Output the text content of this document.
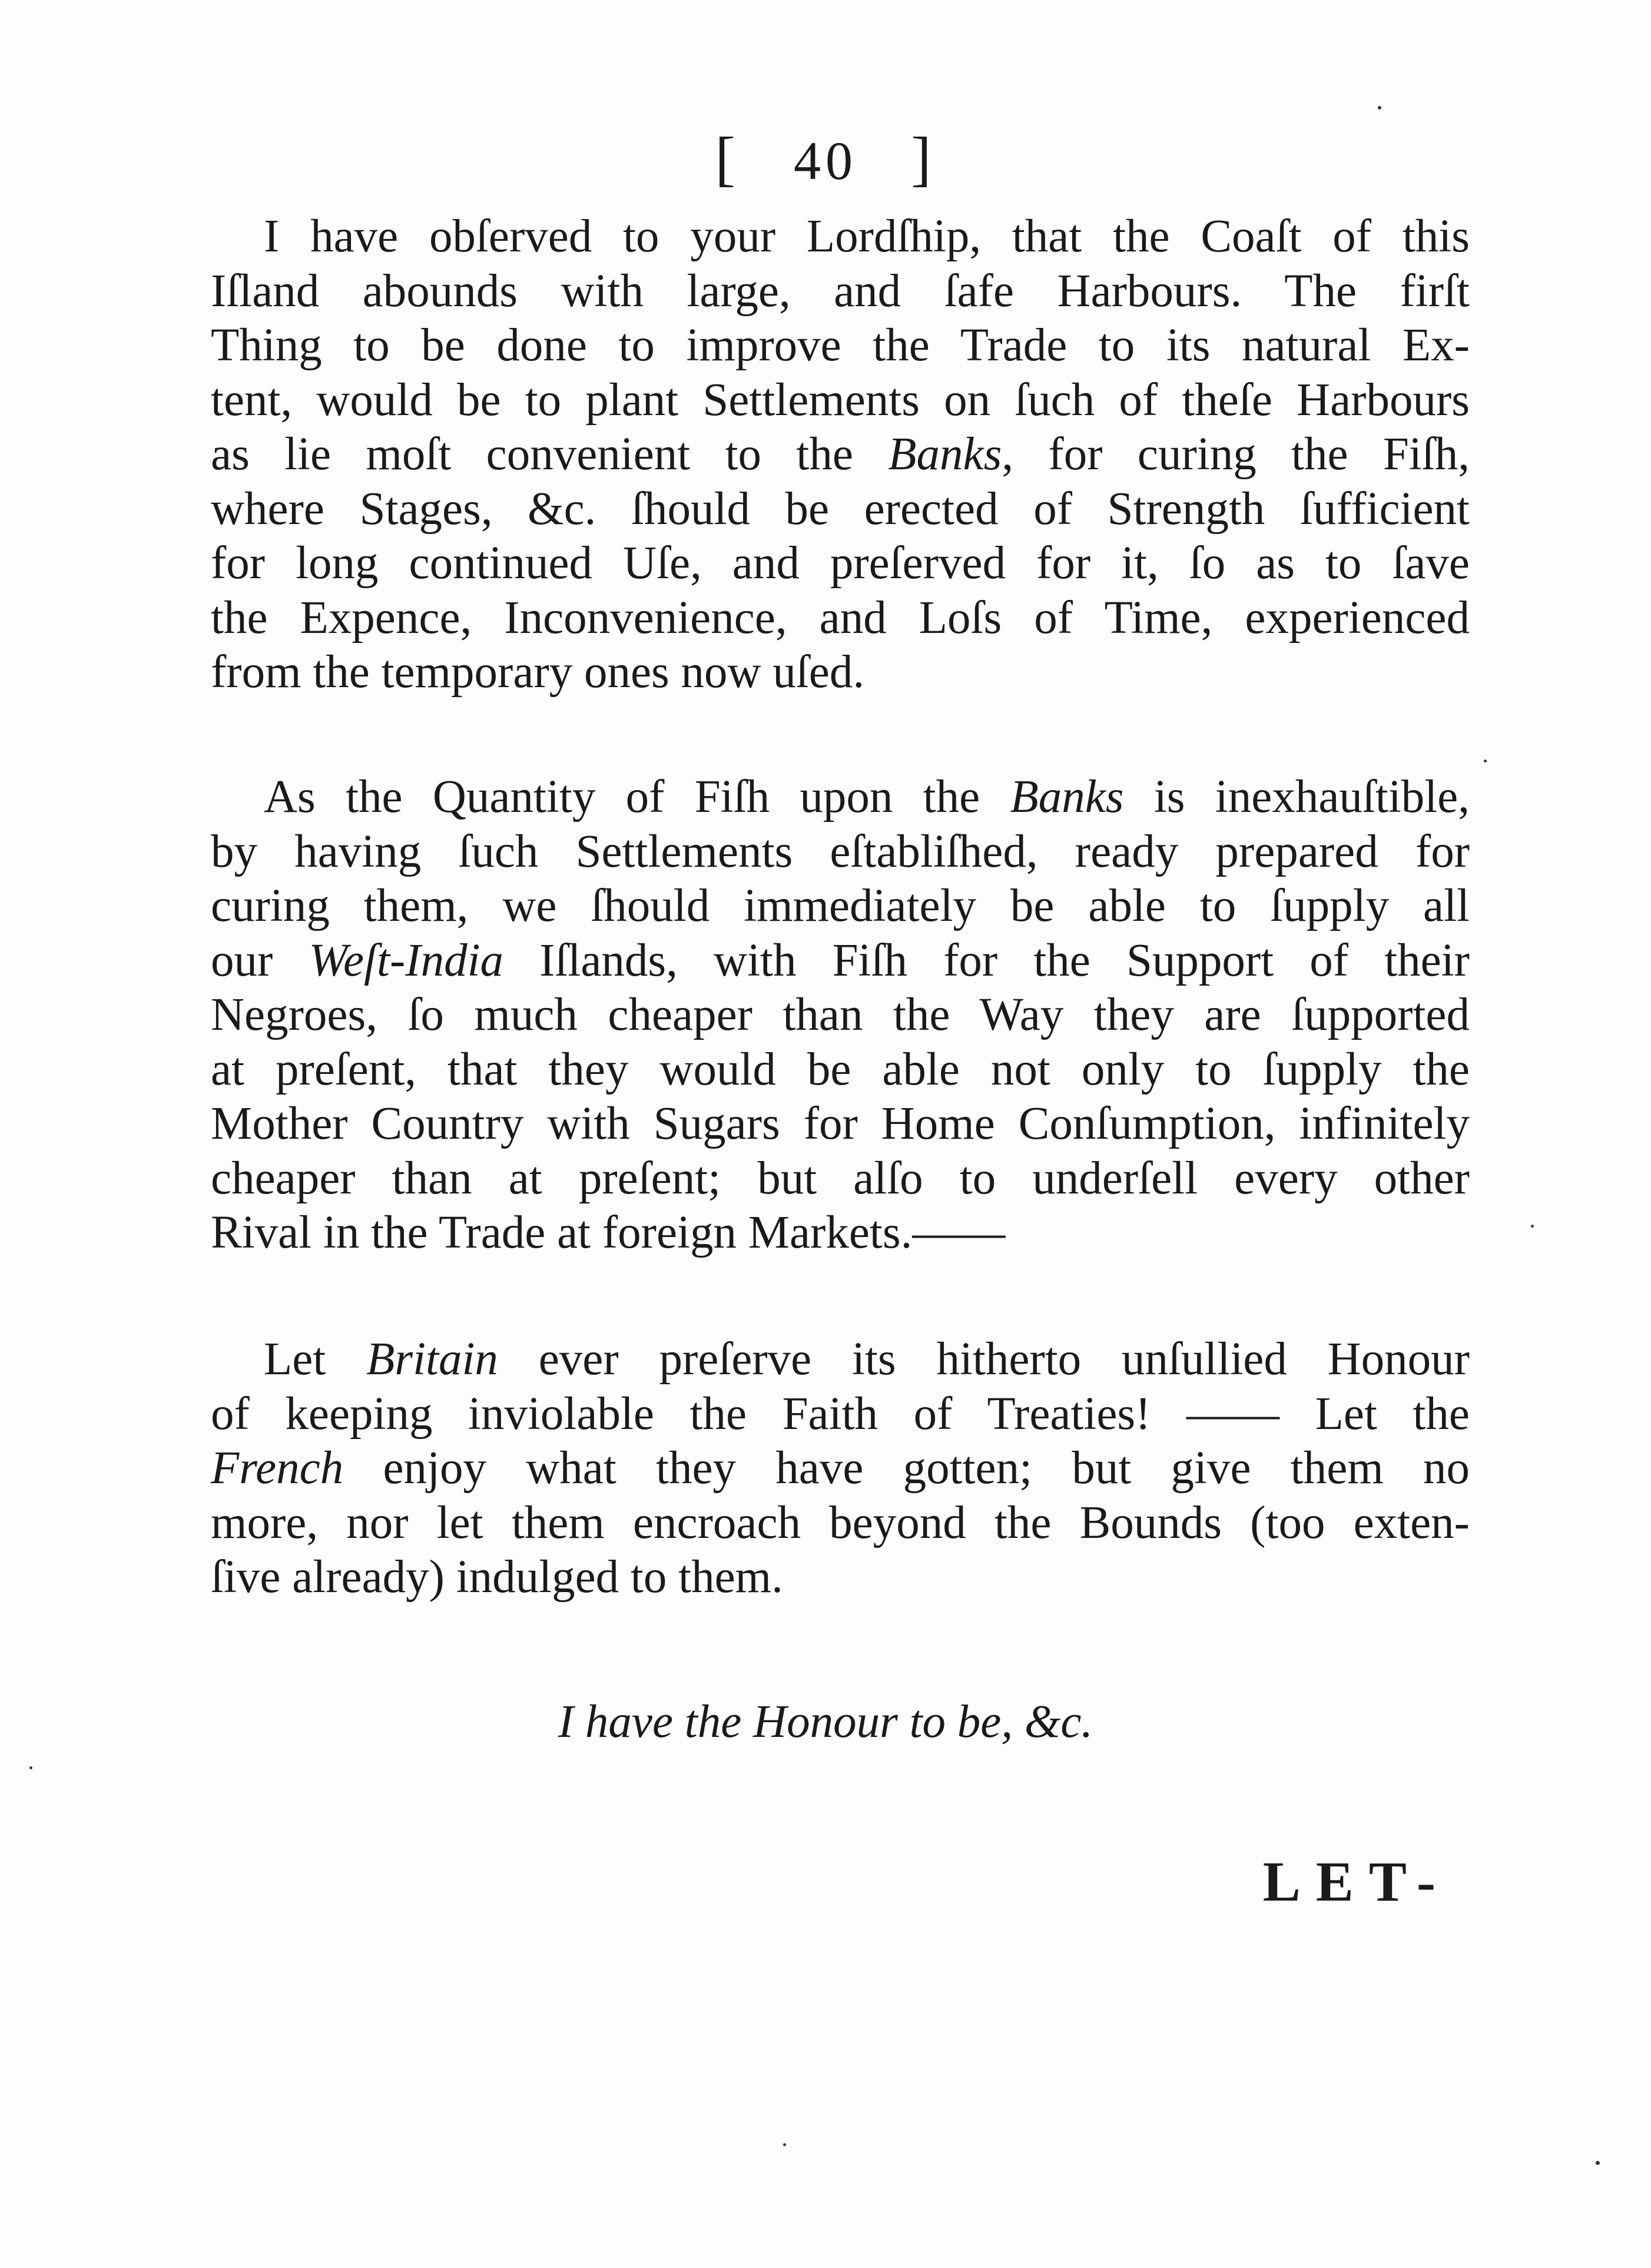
[ 40 ]
I have obſerved to your Lordſhip, that the Coaſt of this
Iſland abounds with large, and ſafe Harbours. The firſt
Thing to be done to improve the Trade to its natural Ex-
tent, would be to plant Settlements on ſuch of theſe Harbours
as lie moſt convenient to the Banks, for curing the Fiſh,
where Stages, &c. ſhould be erected of Strength ſufficient
for long continued Uſe, and preſerved for it, ſo as to ſave
the Expence, Inconvenience, and Loſs of Time, experienced
from the temporary ones now uſed.
As the Quantity of Fiſh upon the Banks is inexhauſtible,
by having ſuch Settlements eſtabliſhed, ready prepared for
curing them, we ſhould immediately be able to ſupply all
our Weſt-India Iſlands, with Fiſh for the Support of their
Negroes, ſo much cheaper than the Way they are ſupported
at preſent, that they would be able not only to ſupply the
Mother Country with Sugars for Home Conſumption, infinitely
cheaper than at preſent; but alſo to underſell every other
Rival in the Trade at foreign Markets.——
Let Britain ever preſerve its hitherto unſullied Honour
of keeping inviolable the Faith of Treaties! —— Let the
French enjoy what they have gotten; but give them no
more, nor let them encroach beyond the Bounds (too exten-
ſive already) indulged to them.
I have the Honour to be, &c.
LET-
